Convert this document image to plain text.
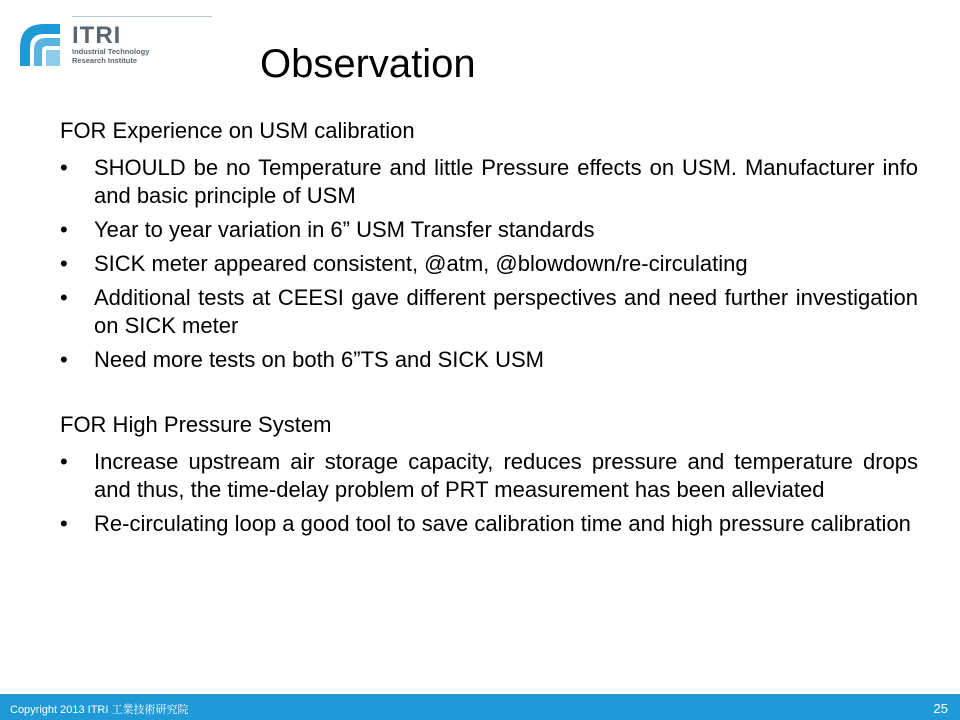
ITRI
Industrial Technology
Research Institute	Observation

FOR Experience on USM calibration

•	SHOULD be no Temperature and little Pressure effects on USM. Manufacturer info and basic principle of USM
•	Year to year variation in 6” USM Transfer standards
•	SICK meter appeared consistent, @atm, @blowdown/re-circulating
•	Additional tests at CEESI gave different perspectives and need further investigation on SICK meter
•	Need more tests on both 6”TS and SICK USM

FOR High Pressure System

•	Increase upstream air storage capacity, reduces pressure and temperature drops and thus, the time-delay problem of PRT measurement has been alleviated
•	Re-circulating loop a good tool to save calibration time and high pressure calibration
Copyright 2013 ITRI 工業技術研究院	25
